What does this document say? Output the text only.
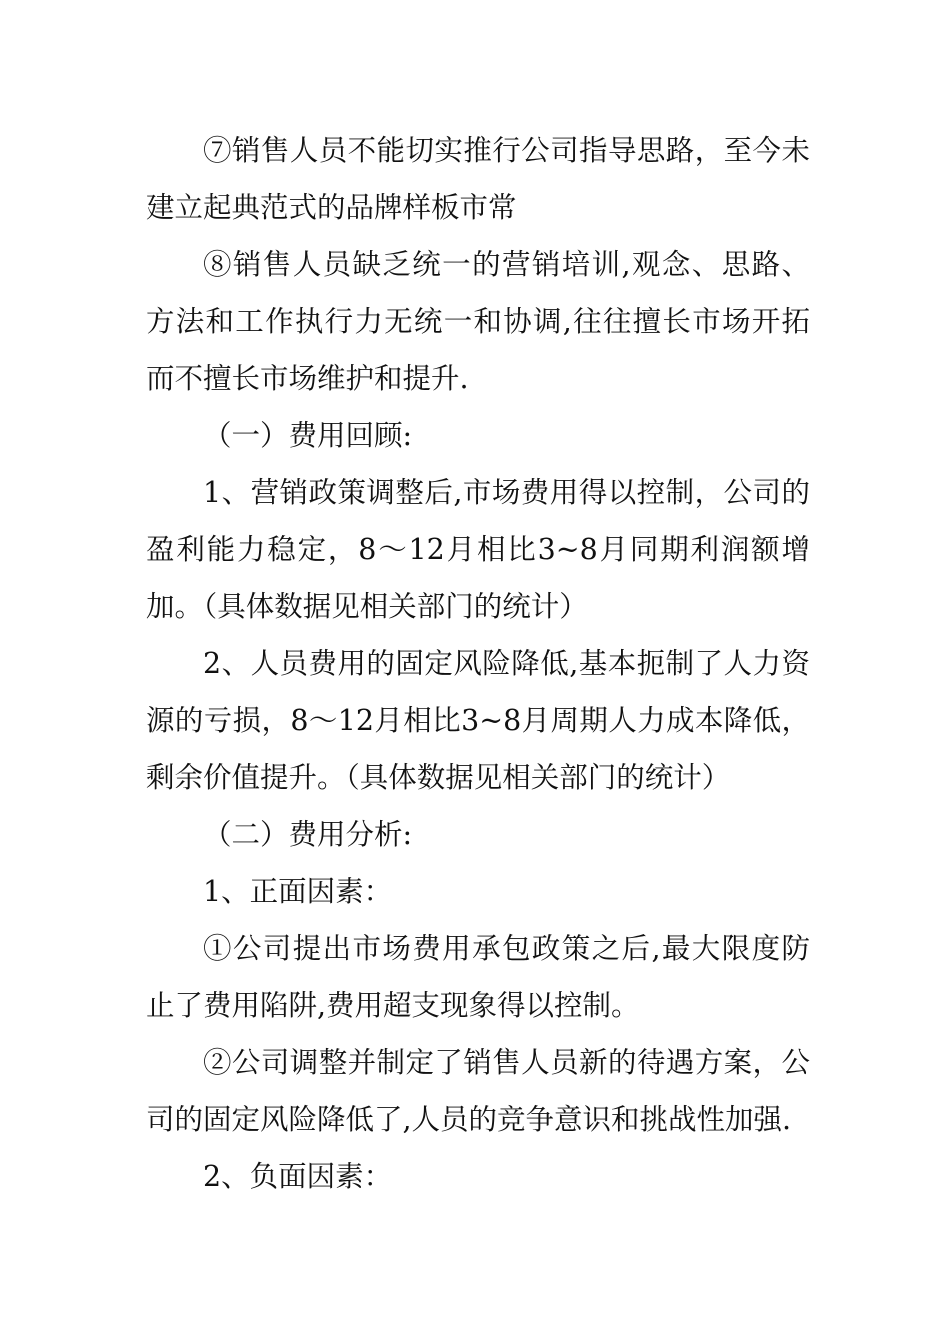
⑦销售人员不能切实推行公司指导思路，至今未建立起典范式的品牌样板市常

⑧销售人员缺乏统一的营销培训,观念、思路、方法和工作执行力无统一和协调,往往擅长市场开拓而不擅长市场维护和提升.

（一）费用回顾:

1、营销政策调整后,市场费用得以控制，公司的盈利能力稳定，8～12月相比3~8月同期利润额增加。（具体数据见相关部门的统计）

2、人员费用的固定风险降低,基本扼制了人力资源的亏损，8～12月相比3~8月周期人力成本降低，剩余价值提升。（具体数据见相关部门的统计）

（二）费用分析:

1、正面因素：

①公司提出市场费用承包政策之后,最大限度防止了费用陷阱,费用超支现象得以控制。

②公司调整并制定了销售人员新的待遇方案，公司的固定风险降低了,人员的竞争意识和挑战性加强.

2、负面因素：
